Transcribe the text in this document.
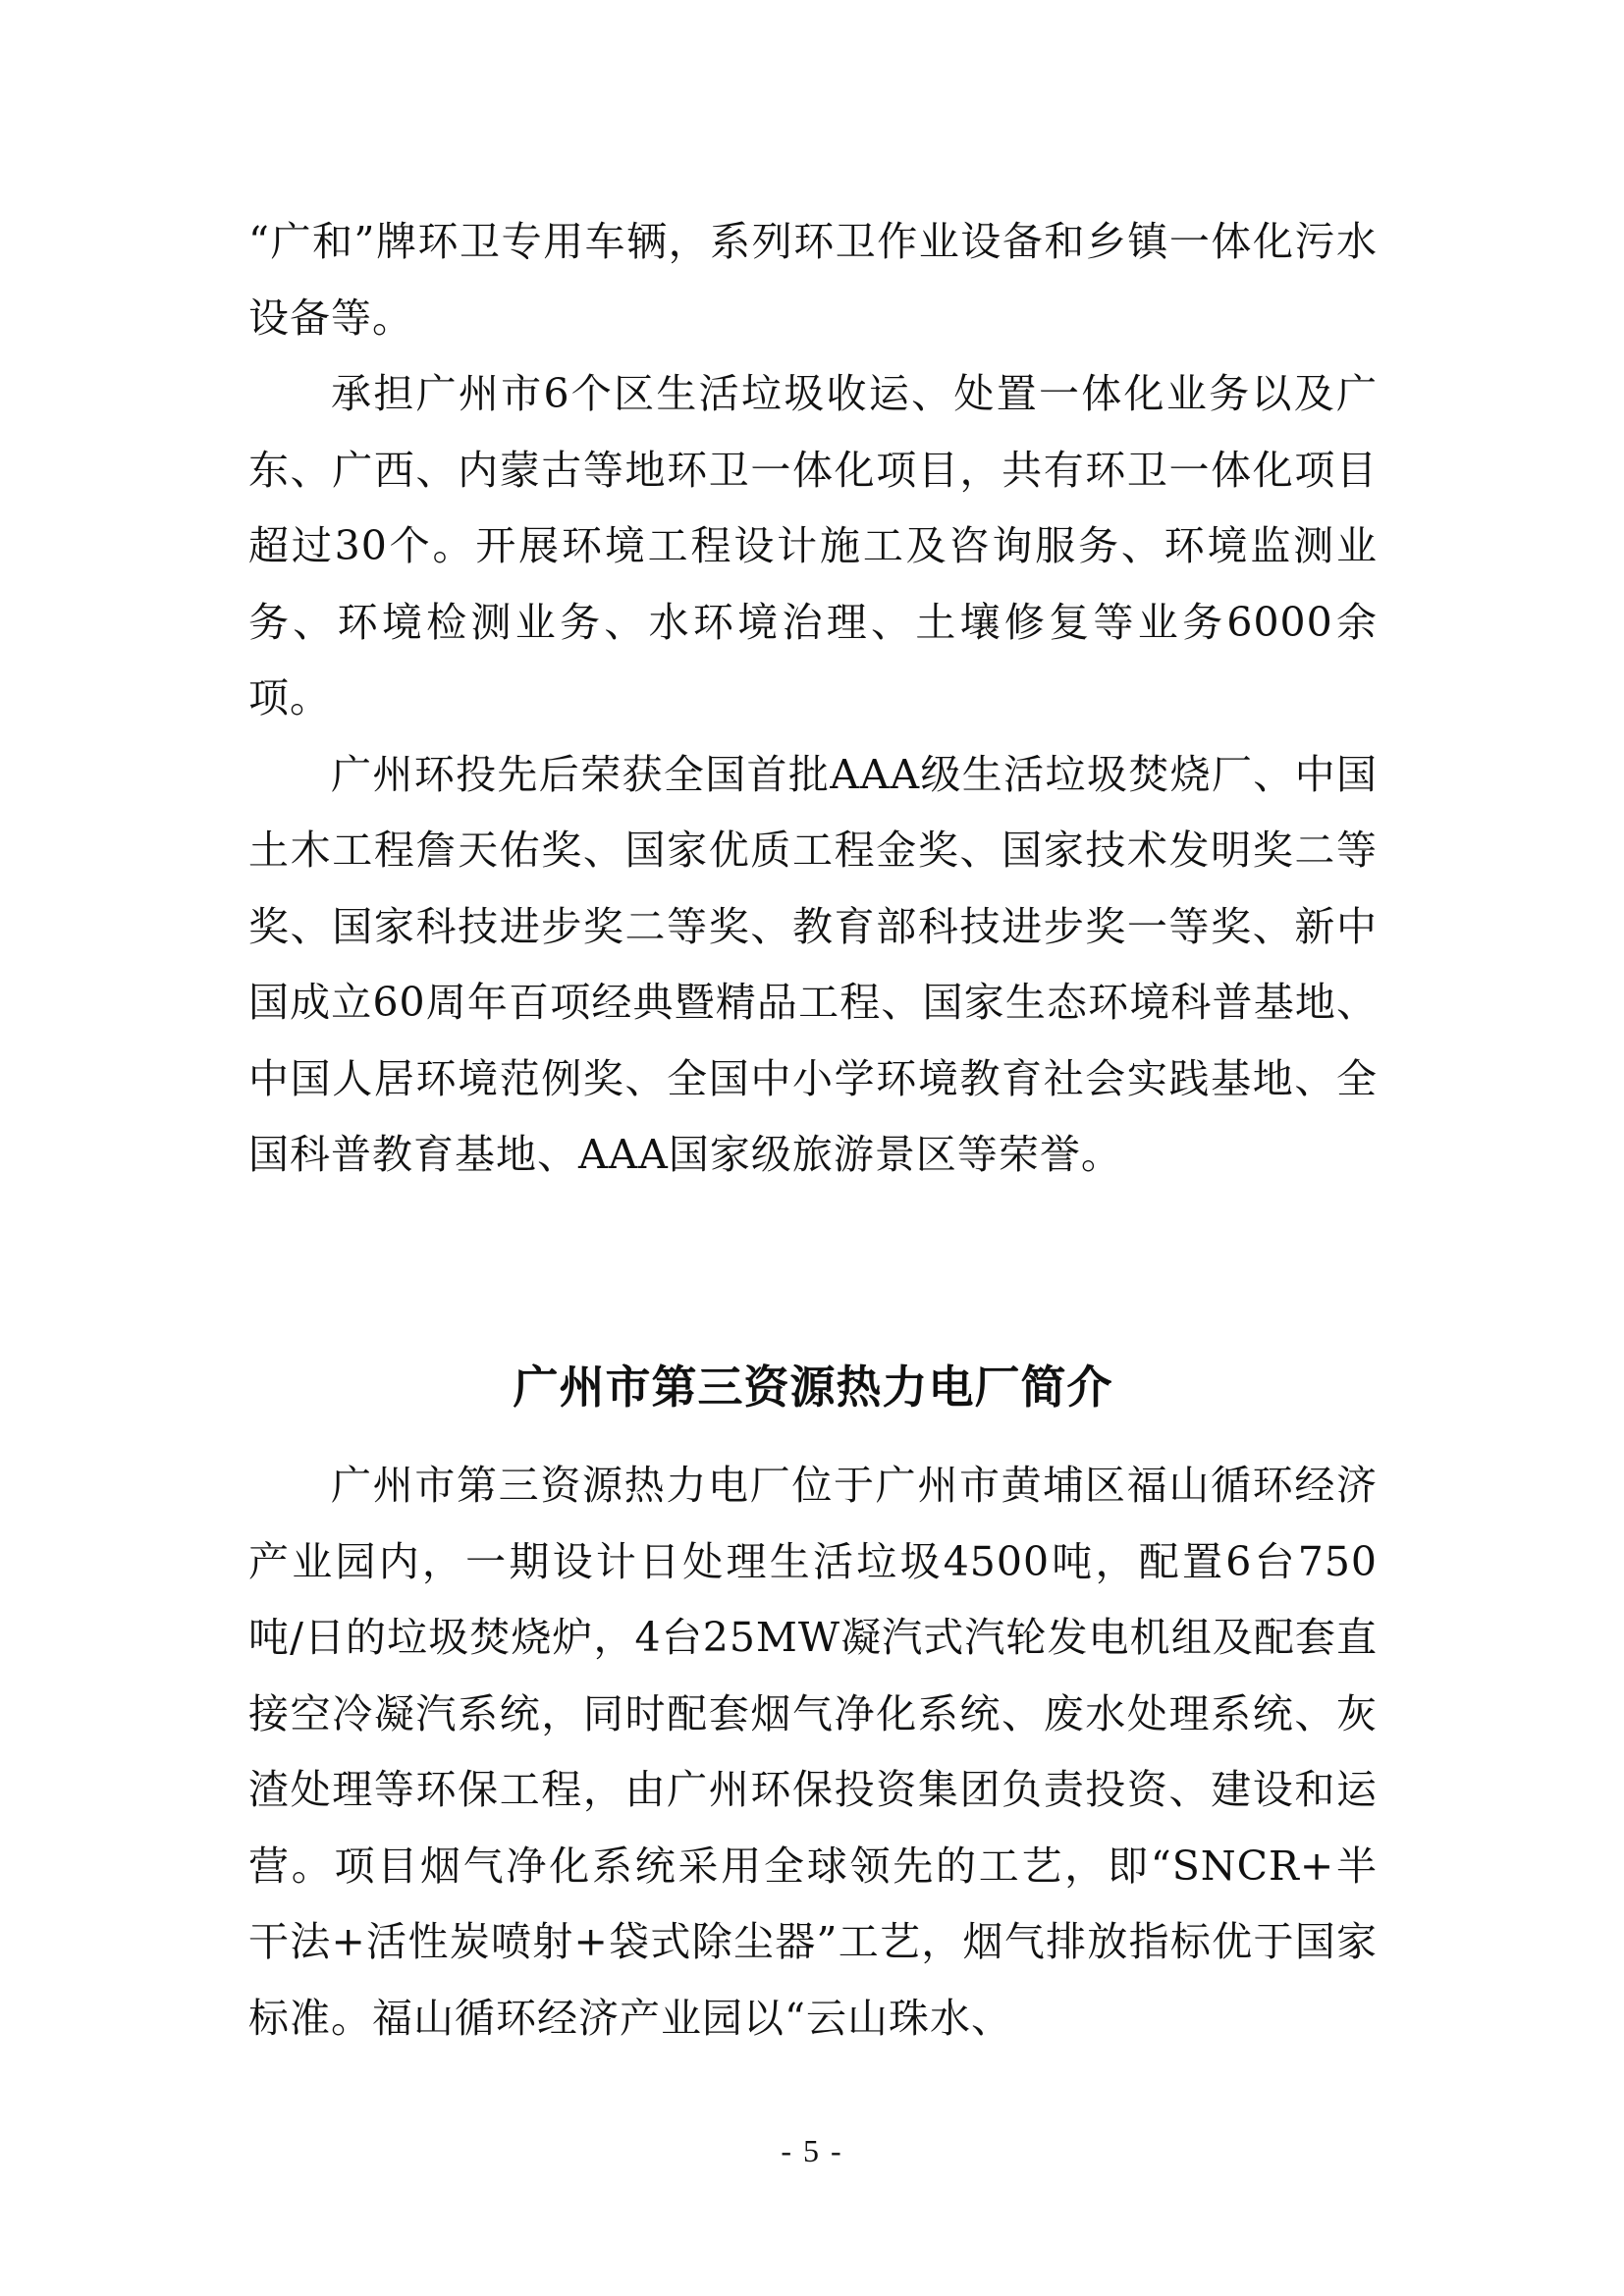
“广和”牌环卫专用车辆，系列环卫作业设备和乡镇一体化污水设备等。

承担广州市6个区生活垃圾收运、处置一体化业务以及广东、广西、内蒙古等地环卫一体化项目，共有环卫一体化项目超过30个。开展环境工程设计施工及咨询服务、环境监测业务、环境检测业务、水环境治理、土壤修复等业务6000余项。

广州环投先后荣获全国首批AAA级生活垃圾焚烧厂、中国土木工程詹天佑奖、国家优质工程金奖、国家技术发明奖二等奖、国家科技进步奖二等奖、教育部科技进步奖一等奖、新中国成立60周年百项经典暨精品工程、国家生态环境科普基地、中国人居环境范例奖、全国中小学环境教育社会实践基地、全国科普教育基地、AAA国家级旅游景区等荣誉。

广州市第三资源热力电厂简介

广州市第三资源热力电厂位于广州市黄埔区福山循环经济产业园内，一期设计日处理生活垃圾4500吨，配置6台750吨/日的垃圾焚烧炉，4台25MW凝汽式汽轮发电机组及配套直接空冷凝汽系统，同时配套烟气净化系统、废水处理系统、灰渣处理等环保工程，由广州环保投资集团负责投资、建设和运营。项目烟气净化系统采用全球领先的工艺，即“SNCR+半干法+活性炭喷射+袋式除尘器”工艺，烟气排放指标优于国家标准。福山循环经济产业园以“云山珠水、

- 5 -
